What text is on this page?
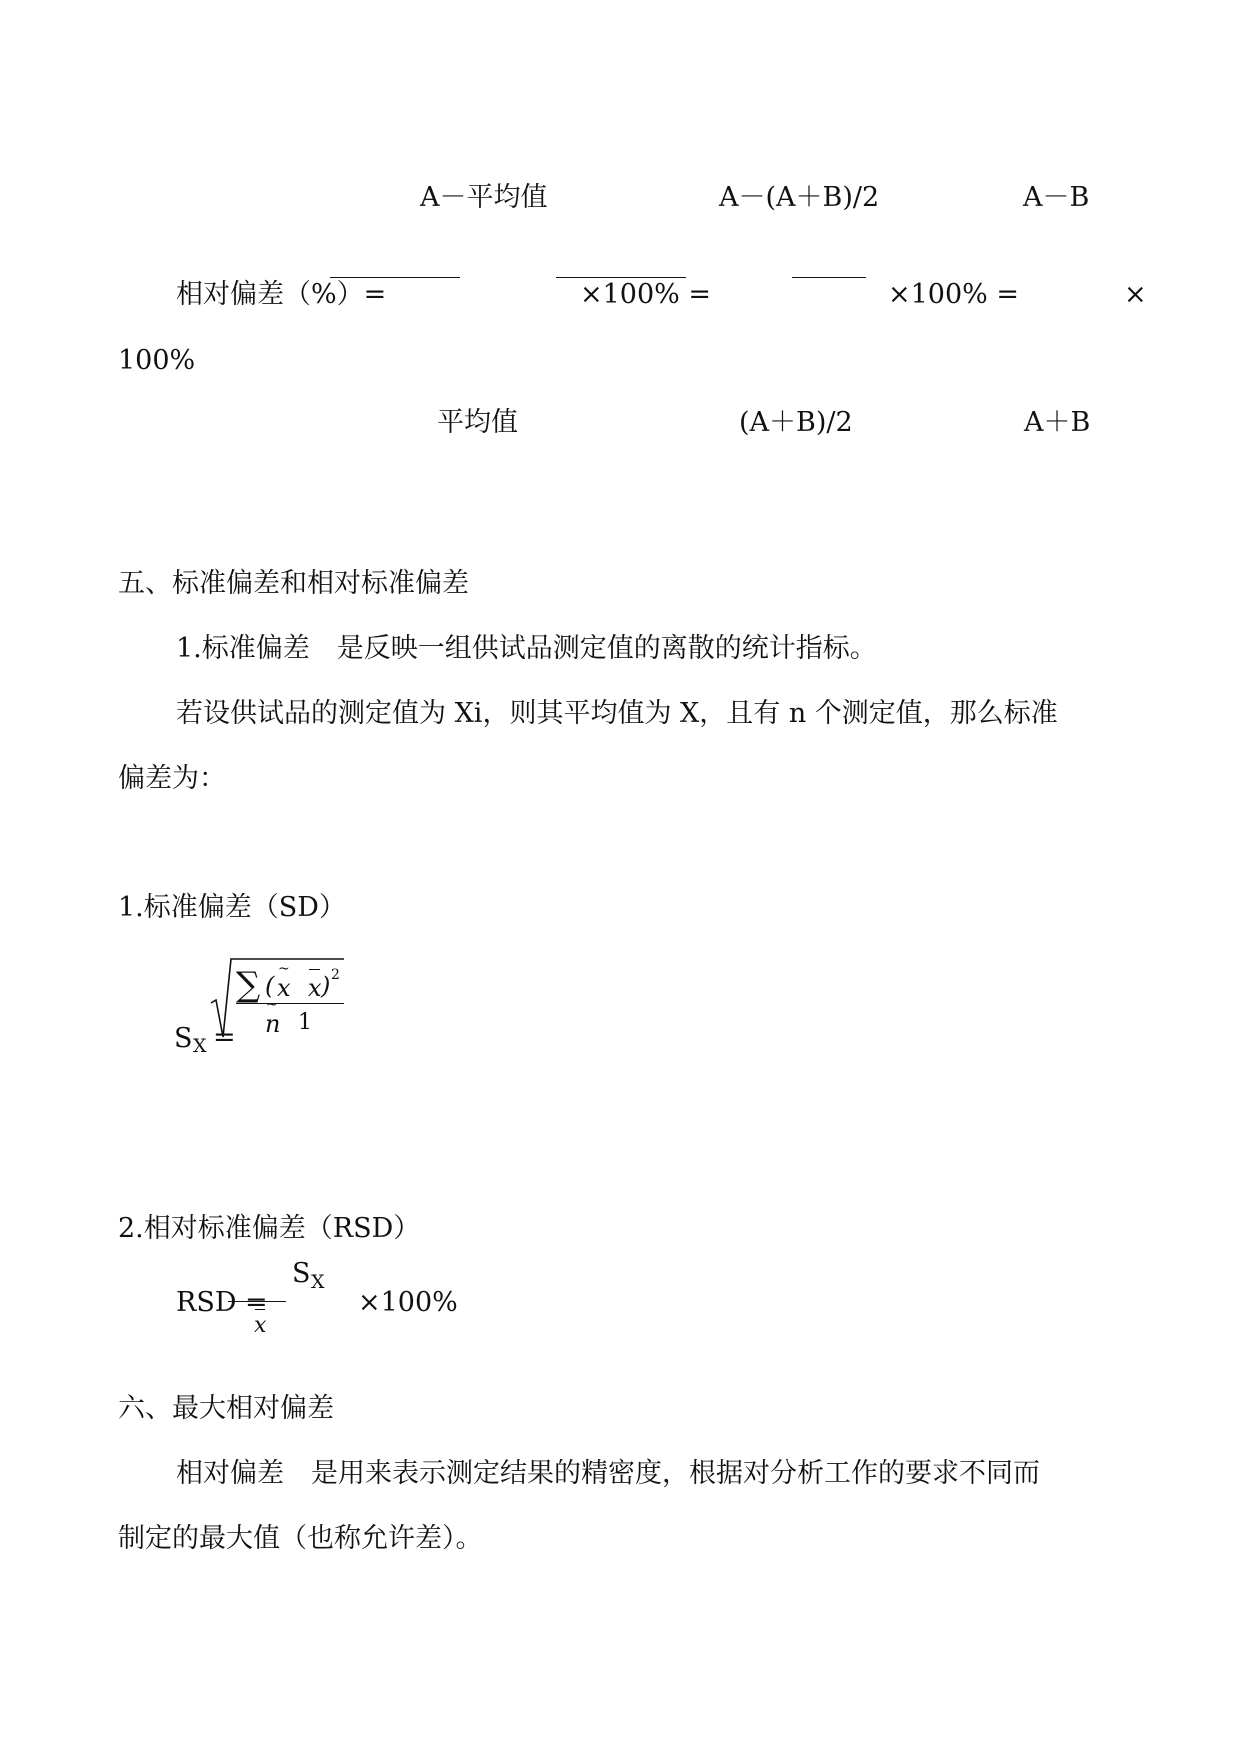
A－平均值	A－(A＋B)/2	A－B
相对偏差（%）=	×100% =	×100% =	×
100%
平均值	(A＋B)/2	A＋B
五、标准偏差和相对标准偏差
1.标准偏差　是反映一组供试品测定值的离散的统计指标。
若设供试品的测定值为 Xi，则其平均值为 X，且有 n 个测定值，那么标准
偏差为：
1.标准偏差（SD）
S X =
∑ ( x
~
x ) 2
n
~
1
2.相对标准偏差（RSD）
S X
RSD =
x
×100%
六、最大相对偏差
相对偏差　是用来表示测定结果的精密度，根据对分析工作的要求不同而
制定的最大值（也称允许差）。
